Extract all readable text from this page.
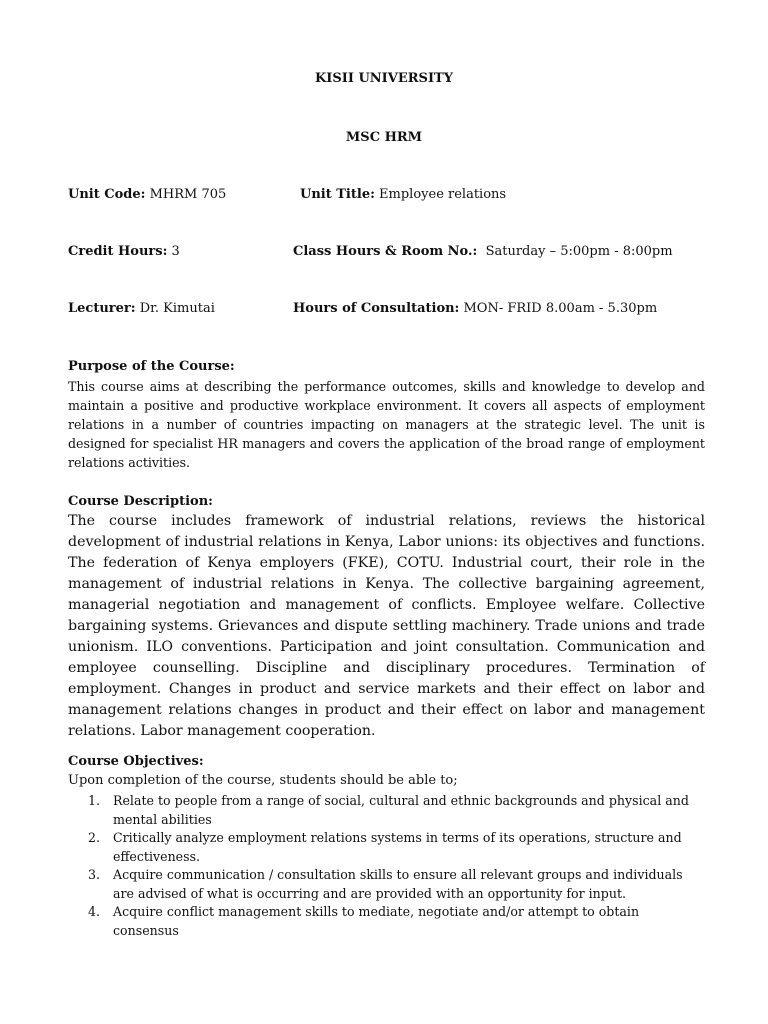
KISII UNIVERSITY
MSC HRM
Unit Code: MHRM 705	Unit Title: Employee relations
Credit Hours: 3	Class Hours & Room No.: Saturday – 5:00pm - 8:00pm
Lecturer: Dr. Kimutai	Hours of Consultation: MON- FRID 8.00am - 5.30pm
Purpose of the Course:
This course aims at describing the performance outcomes, skills and knowledge to develop and maintain a positive and productive workplace environment. It covers all aspects of employment relations in a number of countries impacting on managers at the strategic level. The unit is designed for specialist HR managers and covers the application of the broad range of employment relations activities.
Course Description:
The course includes framework of industrial relations, reviews the historical development of industrial relations in Kenya, Labor unions: its objectives and functions. The federation of Kenya employers (FKE), COTU. Industrial court, their role in the management of industrial relations in Kenya. The collective bargaining agreement, managerial negotiation and management of conflicts. Employee welfare. Collective bargaining systems. Grievances and dispute settling machinery. Trade unions and trade unionism. ILO conventions. Participation and joint consultation. Communication and employee counselling. Discipline and disciplinary procedures. Termination of employment. Changes in product and service markets and their effect on labor and management relations changes in product and their effect on labor and management relations. Labor management cooperation.
Course Objectives:
Upon completion of the course, students should be able to;
1. Relate to people from a range of social, cultural and ethnic backgrounds and physical and mental abilities
2. Critically analyze employment relations systems in terms of its operations, structure and effectiveness.
3. Acquire communication / consultation skills to ensure all relevant groups and individuals are advised of what is occurring and are provided with an opportunity for input.
4. Acquire conflict management skills to mediate, negotiate and/or attempt to obtain consensus
